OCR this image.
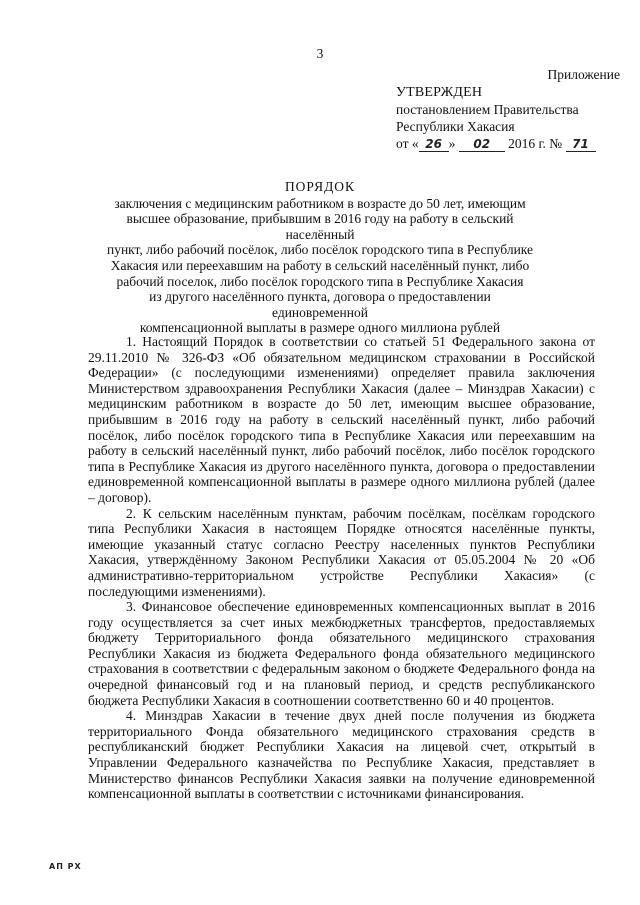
3
Приложение
УТВЕРЖДЕН
постановлением Правительства
Республики Хакасия
от « 26 » 02 2016 г. № 71
ПОРЯДОК
заключения с медицинским работником в возрасте до 50 лет, имеющим
высшее образование, прибывшим в 2016 году на работу в сельский населённый
пункт, либо рабочий посёлок, либо посёлок городского типа в Республике
Хакасия или переехавшим на работу в сельский населённый пункт, либо
рабочий поселок, либо посёлок городского типа в Республике Хакасия
из другого населённого пункта, договора о предоставлении единовременной
компенсационной выплаты в размере одного миллиона рублей

1. Настоящий Порядок в соответствии со статьей 51 Федерального закона от 29.11.2010 № 326-ФЗ «Об обязательном медицинском страховании в Российской Федерации» (с последующими изменениями) определяет правила заключения Министерством здравоохранения Республики Хакасия (далее – Минздрав Хакасии) с медицинским работником в возрасте до 50 лет, имеющим высшее образование, прибывшим в 2016 году на работу в сельский населённый пункт, либо рабочий посёлок, либо посёлок городского типа в Республике Хакасия или переехавшим на работу в сельский населённый пункт, либо рабочий посёлок, либо посёлок городского типа в Республике Хакасия из другого населённого пункта, договора о предоставлении единовременной компенсационной выплаты в размере одного миллиона рублей (далее – договор).

2. К сельским населённым пунктам, рабочим посёлкам, посёлкам городского типа Республики Хакасия в настоящем Порядке относятся населённые пункты, имеющие указанный статус согласно Реестру населенных пунктов Республики Хакасия, утверждённому Законом Республики Хакасия от 05.05.2004 № 20 «Об административно-территориальном устройстве Республики Хакасия» (с последующими изменениями).

3. Финансовое обеспечение единовременных компенсационных выплат в 2016 году осуществляется за счет иных межбюджетных трансфертов, предоставляемых бюджету Территориального фонда обязательного медицинского страхования Республики Хакасия из бюджета Федерального фонда обязательного медицинского страхования в соответствии с федеральным законом о бюджете Федерального фонда на очередной финансовый год и на плановый период, и средств республиканского бюджета Республики Хакасия в соотношении соответственно 60 и 40 процентов.

4. Минздрав Хакасии в течение двух дней после получения из бюджета территориального Фонда обязательного медицинского страхования средств в республиканский бюджет Республики Хакасия на лицевой счет, открытый в Управлении Федерального казначейства по Республике Хакасия, представляет в Министерство финансов Республики Хакасия заявки на получение единовременной компенсационной выплаты в соответствии с источниками финансирования.

АП РХ
